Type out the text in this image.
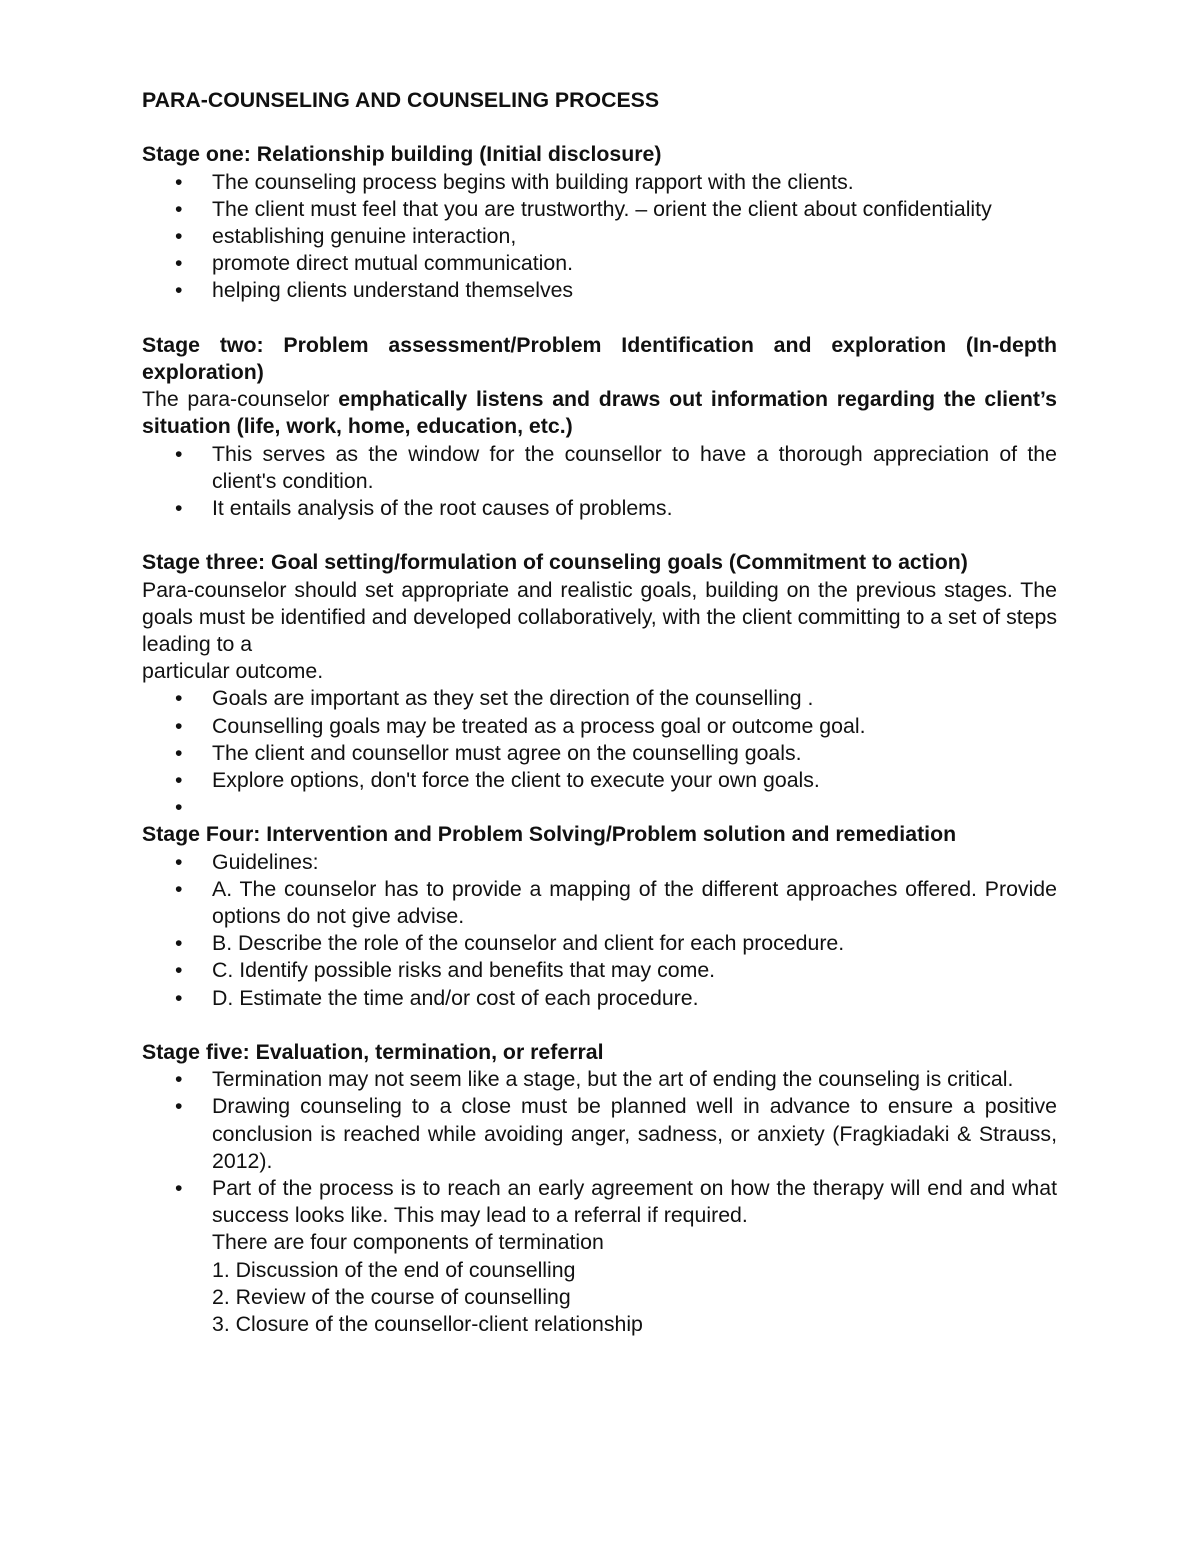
PARA-COUNSELING AND COUNSELING PROCESS

Stage one: Relationship building (Initial disclosure)

• The counseling process begins with building rapport with the clients.
• The client must feel that you are trustworthy. – orient the client about confidentiality
• establishing genuine interaction,
• promote direct mutual communication.
• helping clients understand themselves

Stage two: Problem assessment/Problem Identification and exploration (In-depth exploration)

The para-counselor emphatically listens and draws out information regarding the client’s situation (life, work, home, education, etc.)

• This serves as the window for the counsellor to have a thorough appreciation of the client's condition.
• It entails analysis of the root causes of problems.

Stage three: Goal setting/formulation of counseling goals (Commitment to action)

Para-counselor should set appropriate and realistic goals, building on the previous stages. The goals must be identified and developed collaboratively, with the client committing to a set of steps leading to a

particular outcome.

• Goals are important as they set the direction of the counselling .
• Counselling goals may be treated as a process goal or outcome goal.
• The client and counsellor must agree on the counselling goals.
• Explore options, don't force the client to execute your own goals.
•

Stage Four: Intervention and Problem Solving/Problem solution and remediation

• Guidelines:
• A. The counselor has to provide a mapping of the different approaches offered. Provide options do not give advise.
• B. Describe the role of the counselor and client for each procedure.
• C. Identify possible risks and benefits that may come.
• D. Estimate the time and/or cost of each procedure.

Stage five: Evaluation, termination, or referral

• Termination may not seem like a stage, but the art of ending the counseling is critical.
• Drawing counseling to a close must be planned well in advance to ensure a positive conclusion is reached while avoiding anger, sadness, or anxiety (Fragkiadaki & Strauss, 2012).
• Part of the process is to reach an early agreement on how the therapy will end and what success looks like. This may lead to a referral if required.

There are four components of termination

1. Discussion of the end of counselling

2. Review of the course of counselling

3. Closure of the counsellor-client relationship
